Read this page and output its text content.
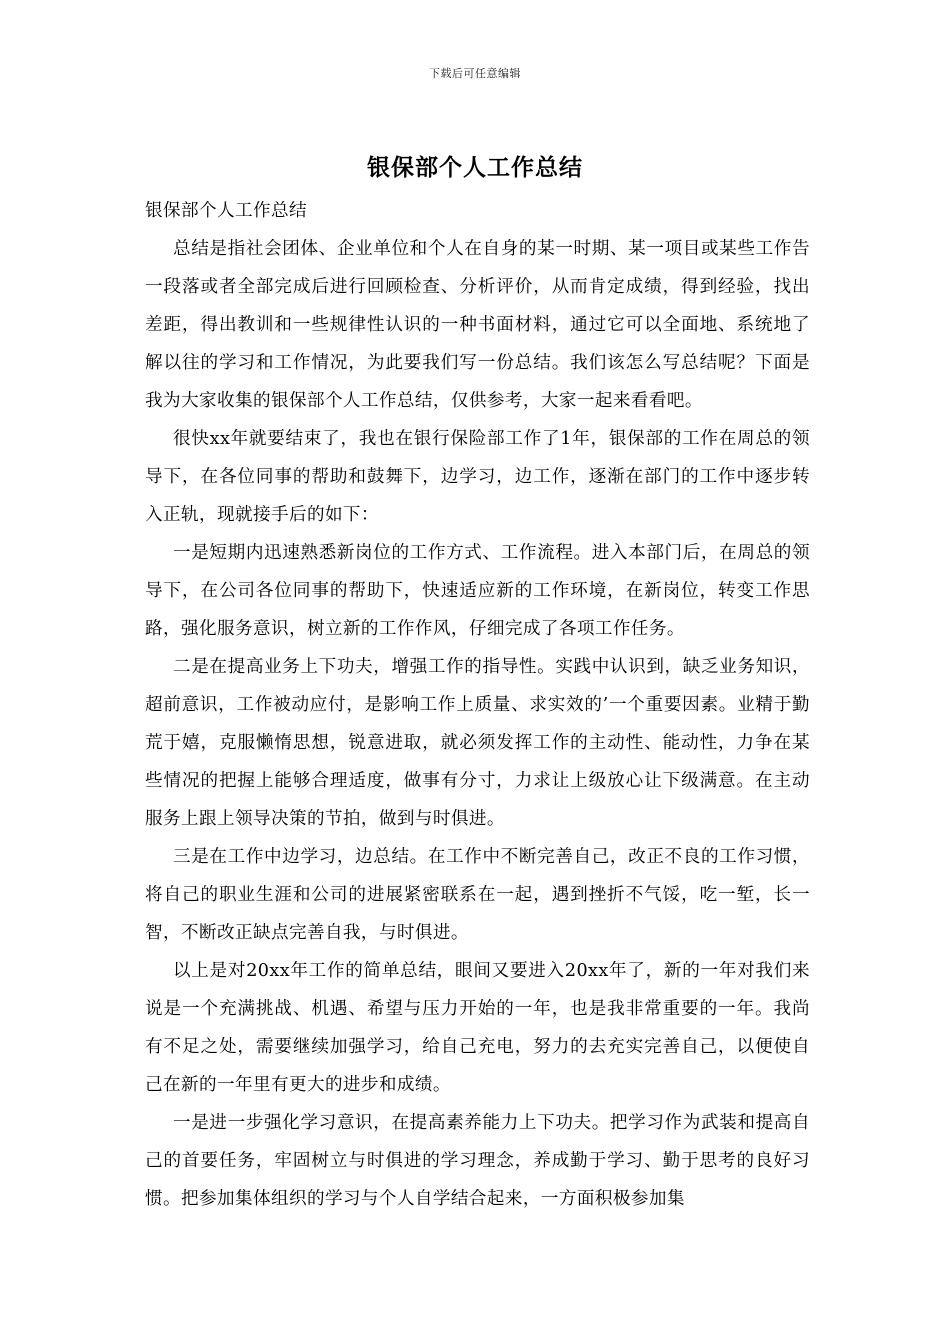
下载后可任意编辑
银保部个人工作总结

银保部个人工作总结

总结是指社会团体、企业单位和个人在自身的某一时期、某一项目或某些工作告一段落或者全部完成后进行回顾检查、分析评价，从而肯定成绩，得到经验，找出差距，得出教训和一些规律性认识的一种书面材料，通过它可以全面地、系统地了解以往的学习和工作情况，为此要我们写一份总结。我们该怎么写总结呢？下面是我为大家收集的银保部个人工作总结，仅供参考，大家一起来看看吧。

很快xx年就要结束了，我也在银行保险部工作了1年，银保部的工作在周总的领导下，在各位同事的帮助和鼓舞下，边学习，边工作，逐渐在部门的工作中逐步转入正轨，现就接手后的如下：

一是短期内迅速熟悉新岗位的工作方式、工作流程。进入本部门后，在周总的领导下，在公司各位同事的帮助下，快速适应新的工作环境，在新岗位，转变工作思路，强化服务意识，树立新的工作作风，仔细完成了各项工作任务。

二是在提高业务上下功夫，增强工作的指导性。实践中认识到，缺乏业务知识，超前意识，工作被动应付，是影响工作上质量、求实效的’一个重要因素。业精于勤荒于嬉，克服懒惰思想，锐意进取，就必须发挥工作的主动性、能动性，力争在某些情况的把握上能够合理适度，做事有分寸，力求让上级放心让下级满意。在主动服务上跟上领导决策的节拍，做到与时俱进。

三是在工作中边学习，边总结。在工作中不断完善自己，改正不良的工作习惯，将自己的职业生涯和公司的进展紧密联系在一起，遇到挫折不气馁，吃一堑，长一智，不断改正缺点完善自我，与时俱进。

以上是对20xx年工作的简单总结，眼间又要进入20xx年了，新的一年对我们来说是一个充满挑战、机遇、希望与压力开始的一年，也是我非常重要的一年。我尚有不足之处，需要继续加强学习，给自己充电，努力的去充实完善自己，以便使自己在新的一年里有更大的进步和成绩。

一是进一步强化学习意识，在提高素养能力上下功夫。把学习作为武装和提高自己的首要任务，牢固树立与时俱进的学习理念，养成勤于学习、勤于思考的良好习惯。把参加集体组织的学习与个人自学结合起来，一方面积极参加集
